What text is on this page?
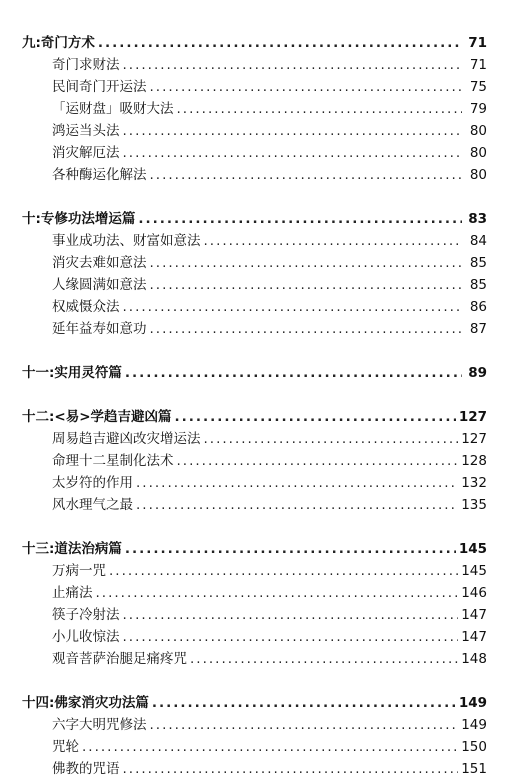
九:奇门方术 .....	71
奇门求财法 .....	71
民间奇门开运法 .....	75
「运财盘」吸财大法 .....	79
鸿运当头法 .....	80
消灾解厄法 .....	80
各种酶运化解法 .....	80
十:专修功法增运篇 .....	83
事业成功法、财富如意法 .....	84
消灾去难如意法 .....	85
人缘圆满如意法 .....	85
权威慑众法 .....	86
延年益寿如意功 .....	87
十一:实用灵符篇 .....	89
十二:<易>学趋吉避凶篇 .....	127
周易趋吉避凶改灾增运法 .....	127
命理十二星制化法术 .....	128
太岁符的作用 .....	132
风水理气之最 .....	135
十三:道法治病篇 .....	145
万病一咒 .....	145
止痛法 .....	146
筷子冷射法 .....	147
小儿收惊法 .....	147
观音菩萨治腿足痛疼咒 .....	148
十四:佛家消灾功法篇 .....	149
六字大明咒修法 .....	149
咒轮 .....	150
佛教的咒语 .....	151
